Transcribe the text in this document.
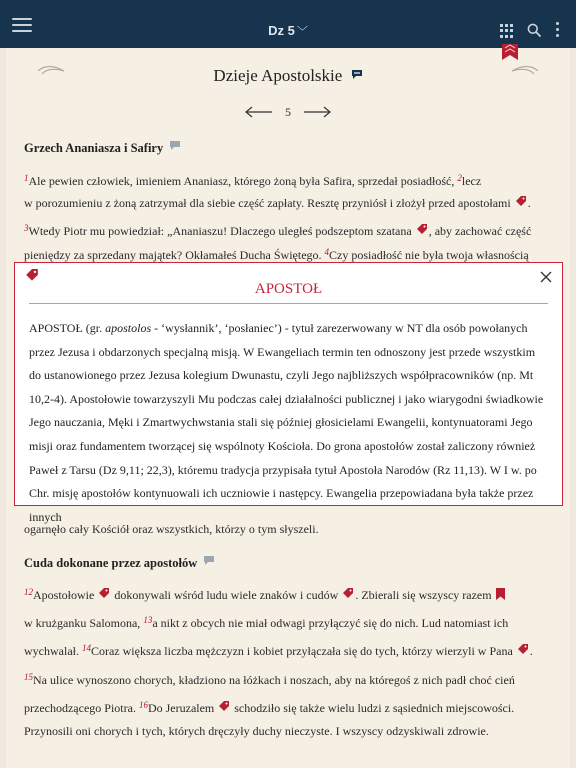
Dz 5 ﹀
Dzieje Apostolskie
5
Grzech Ananiasza i Safiry
$^1$Ale pewien człowiek, imieniem Ananiasz, którego żoną była Safira, sprzedał posiadłość, $^2$lecz
w porozumieniu z żoną zatrzymał dla siebie część zapłaty. Resztę przyniósł i złożył przed apostołami .
$^3$Wtedy Piotr mu powiedział: „Ananiaszu! Dlaczego uległeś podszeptom szatana , aby zachować część
pieniędzy za sprzedany majątek? Okłamałeś Ducha Świętego. $^4$Czy posiadłość nie była twoja własnością
ogarnęło cały Kościół oraz wszystkich, którzy o tym słyszeli.
Cuda dokonane przez apostołów
$^{12}$Apostołowie dokonywali wśród ludu wiele znaków i cudów . Zbierali się wszyscy razem
w krużganku Salomona, $^{13}$a nikt z obcych nie miał odwagi przyłączyć się do nich. Lud natomiast ich
wychwalał. $^{14}$Coraz większa liczba mężczyzn i kobiet przyłączała się do tych, którzy wierzyli w Pana .
$^{15}$Na ulice wynoszono chorych, kładziono na łóżkach i noszach, aby na któregoś z nich padł choć cień
przechodzącego Piotra. $^{16}$Do Jeruzalem schodziło się także wielu ludzi z sąsiednich miejscowości.
Przynosili oni chorych i tych, których dręczyły duchy nieczyste. I wszyscy odzyskiwali zdrowie.
APOSTOŁ

APOSTOŁ (gr. apostolos - ‘wysłannik’, ‘posłaniec’) - tytuł zarezerwowany w NT dla osób powołanych przez Jezusa i obdarzonych specjalną misją. W Ewangeliach termin ten odnoszony jest przede wszystkim do ustanowionego przez Jezusa kolegium Dwunastu, czyli Jego najbliższych współpracowników (np. Mt 10,2-4). Apostołowie towarzyszyli Mu podczas całej działalności publicznej i jako wiarygodni świadkowie Jego nauczania, Męki i Zmartwychwstania stali się później głosicielami Ewangelii, kontynuatorami Jego misji oraz fundamentem tworzącej się wspólnoty Kościoła. Do grona apostołów został zaliczony również Paweł z Tarsu (Dz 9,11; 22,3), któremu tradycja przypisała tytuł Apostoła Narodów (Rz 11,13). W I w. po Chr. misję apostołów kontynuowali ich uczniowie i następcy. Ewangelia przepowiadana była także przez innych
